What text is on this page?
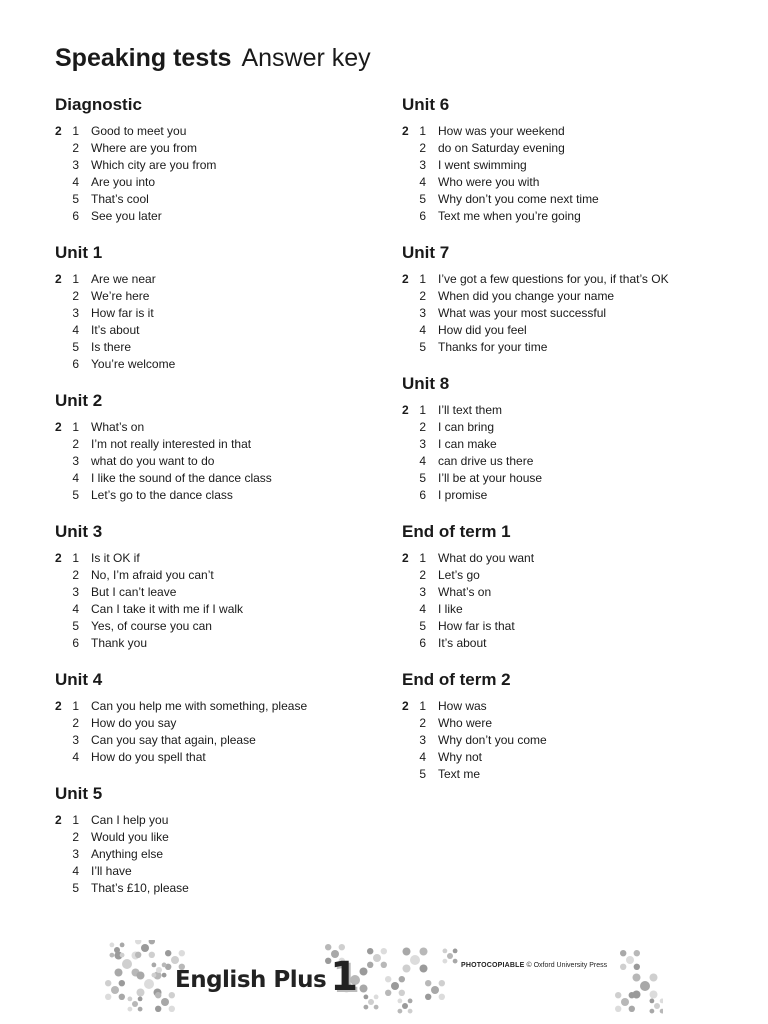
Speaking tests Answer key
Diagnostic
2 1 Good to meet you
2 Where are you from
3 Which city are you from
4 Are you into
5 That’s cool
6 See you later
Unit 1
2 1 Are we near
2 We’re here
3 How far is it
4 It’s about
5 Is there
6 You’re welcome
Unit 2
2 1 What’s on
2 I’m not really interested in that
3 what do you want to do
4 I like the sound of the dance class
5 Let’s go to the dance class
Unit 3
2 1 Is it OK if
2 No, I’m afraid you can’t
3 But I can’t leave
4 Can I take it with me if I walk
5 Yes, of course you can
6 Thank you
Unit 4
2 1 Can you help me with something, please
2 How do you say
3 Can you say that again, please
4 How do you spell that
Unit 5
2 1 Can I help you
2 Would you like
3 Anything else
4 I’ll have
5 That’s £10, please
Unit 6
2 1 How was your weekend
2 do on Saturday evening
3 I went swimming
4 Who were you with
5 Why don’t you come next time
6 Text me when you’re going
Unit 7
2 1 I’ve got a few questions for you, if that’s OK
2 When did you change your name
3 What was your most successful
4 How did you feel
5 Thanks for your time
Unit 8
2 1 I’ll text them
2 I can bring
3 I can make
4 can drive us there
5 I’ll be at your house
6 I promise
End of term 1
2 1 What do you want
2 Let’s go
3 What’s on
4 I like
5 How far is that
6 It’s about
End of term 2
2 1 How was
2 Who were
3 Why don’t you come
4 Why not
5 Text me
English Plus 1	PHOTOCOPIABLE © Oxford University Press
